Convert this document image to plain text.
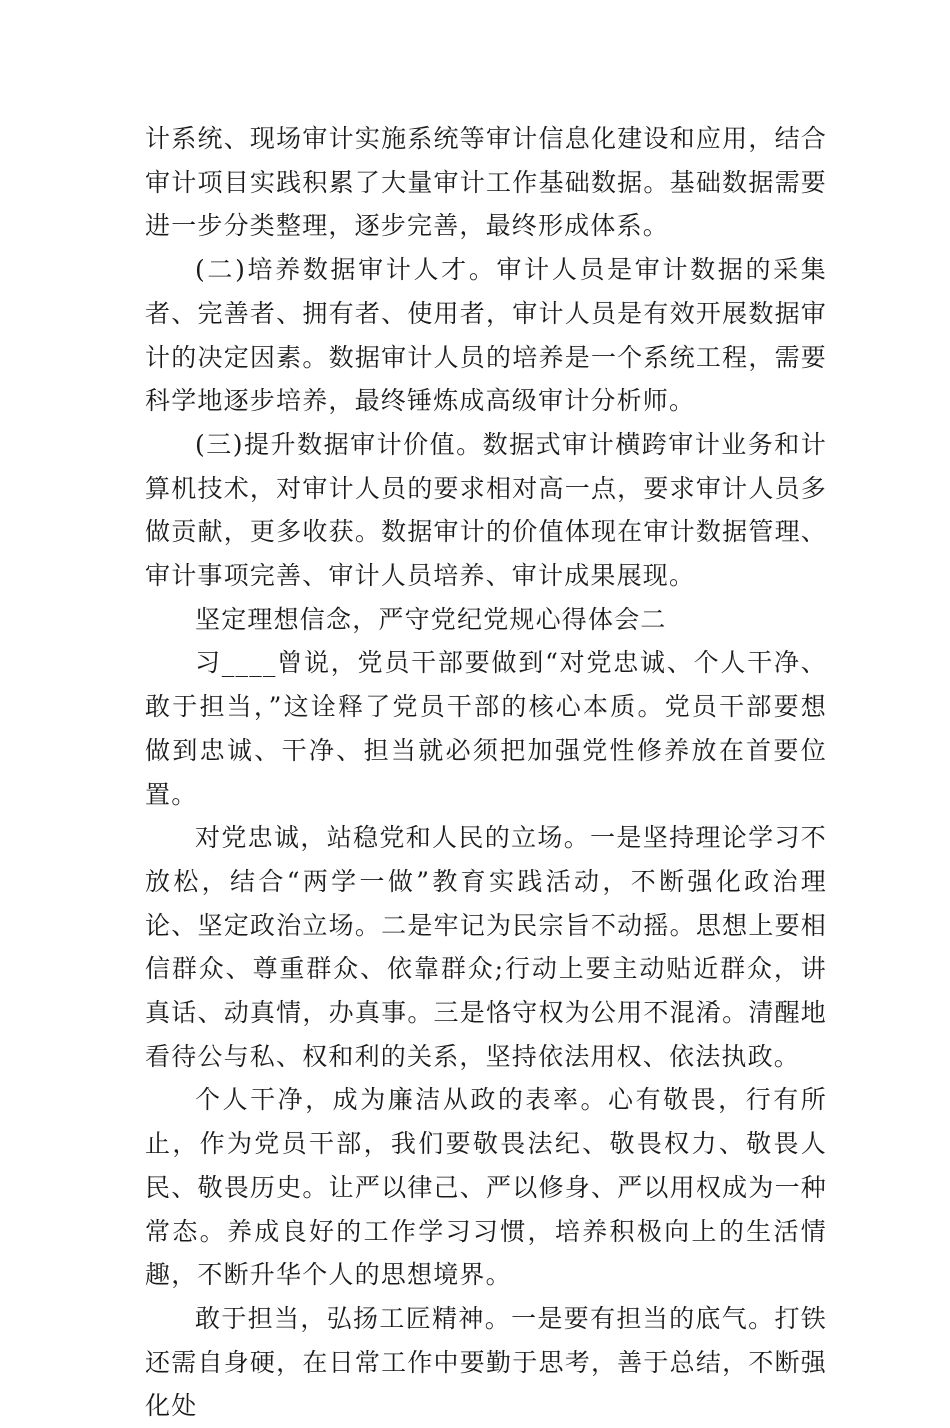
计系统、现场审计实施系统等审计信息化建设和应用，结合审计项目实践积累了大量审计工作基础数据。基础数据需要进一步分类整理，逐步完善，最终形成体系。

(二)培养数据审计人才。审计人员是审计数据的采集者、完善者、拥有者、使用者，审计人员是有效开展数据审计的决定因素。数据审计人员的培养是一个系统工程，需要科学地逐步培养，最终锤炼成高级审计分析师。

(三)提升数据审计价值。数据式审计横跨审计业务和计算机技术，对审计人员的要求相对高一点，要求审计人员多做贡献，更多收获。数据审计的价值体现在审计数据管理、审计事项完善、审计人员培养、审计成果展现。

坚定理想信念，严守党纪党规心得体会二

习____曾说，党员干部要做到“对党忠诚、个人干净、敢于担当，”这诠释了党员干部的核心本质。党员干部要想做到忠诚、干净、担当就必须把加强党性修养放在首要位置。

对党忠诚，站稳党和人民的立场。一是坚持理论学习不放松，结合“两学一做”教育实践活动，不断强化政治理论、坚定政治立场。二是牢记为民宗旨不动摇。思想上要相信群众、尊重群众、依靠群众;行动上要主动贴近群众，讲真话、动真情，办真事。三是恪守权为公用不混淆。清醒地看待公与私、权和利的关系，坚持依法用权、依法执政。

个人干净，成为廉洁从政的表率。心有敬畏，行有所止，作为党员干部，我们要敬畏法纪、敬畏权力、敬畏人民、敬畏历史。让严以律己、严以修身、严以用权成为一种常态。养成良好的工作学习习惯，培养积极向上的生活情趣，不断升华个人的思想境界。

敢于担当，弘扬工匠精神。一是要有担当的底气。打铁还需自身硬，在日常工作中要勤于思考，善于总结，不断强化处
